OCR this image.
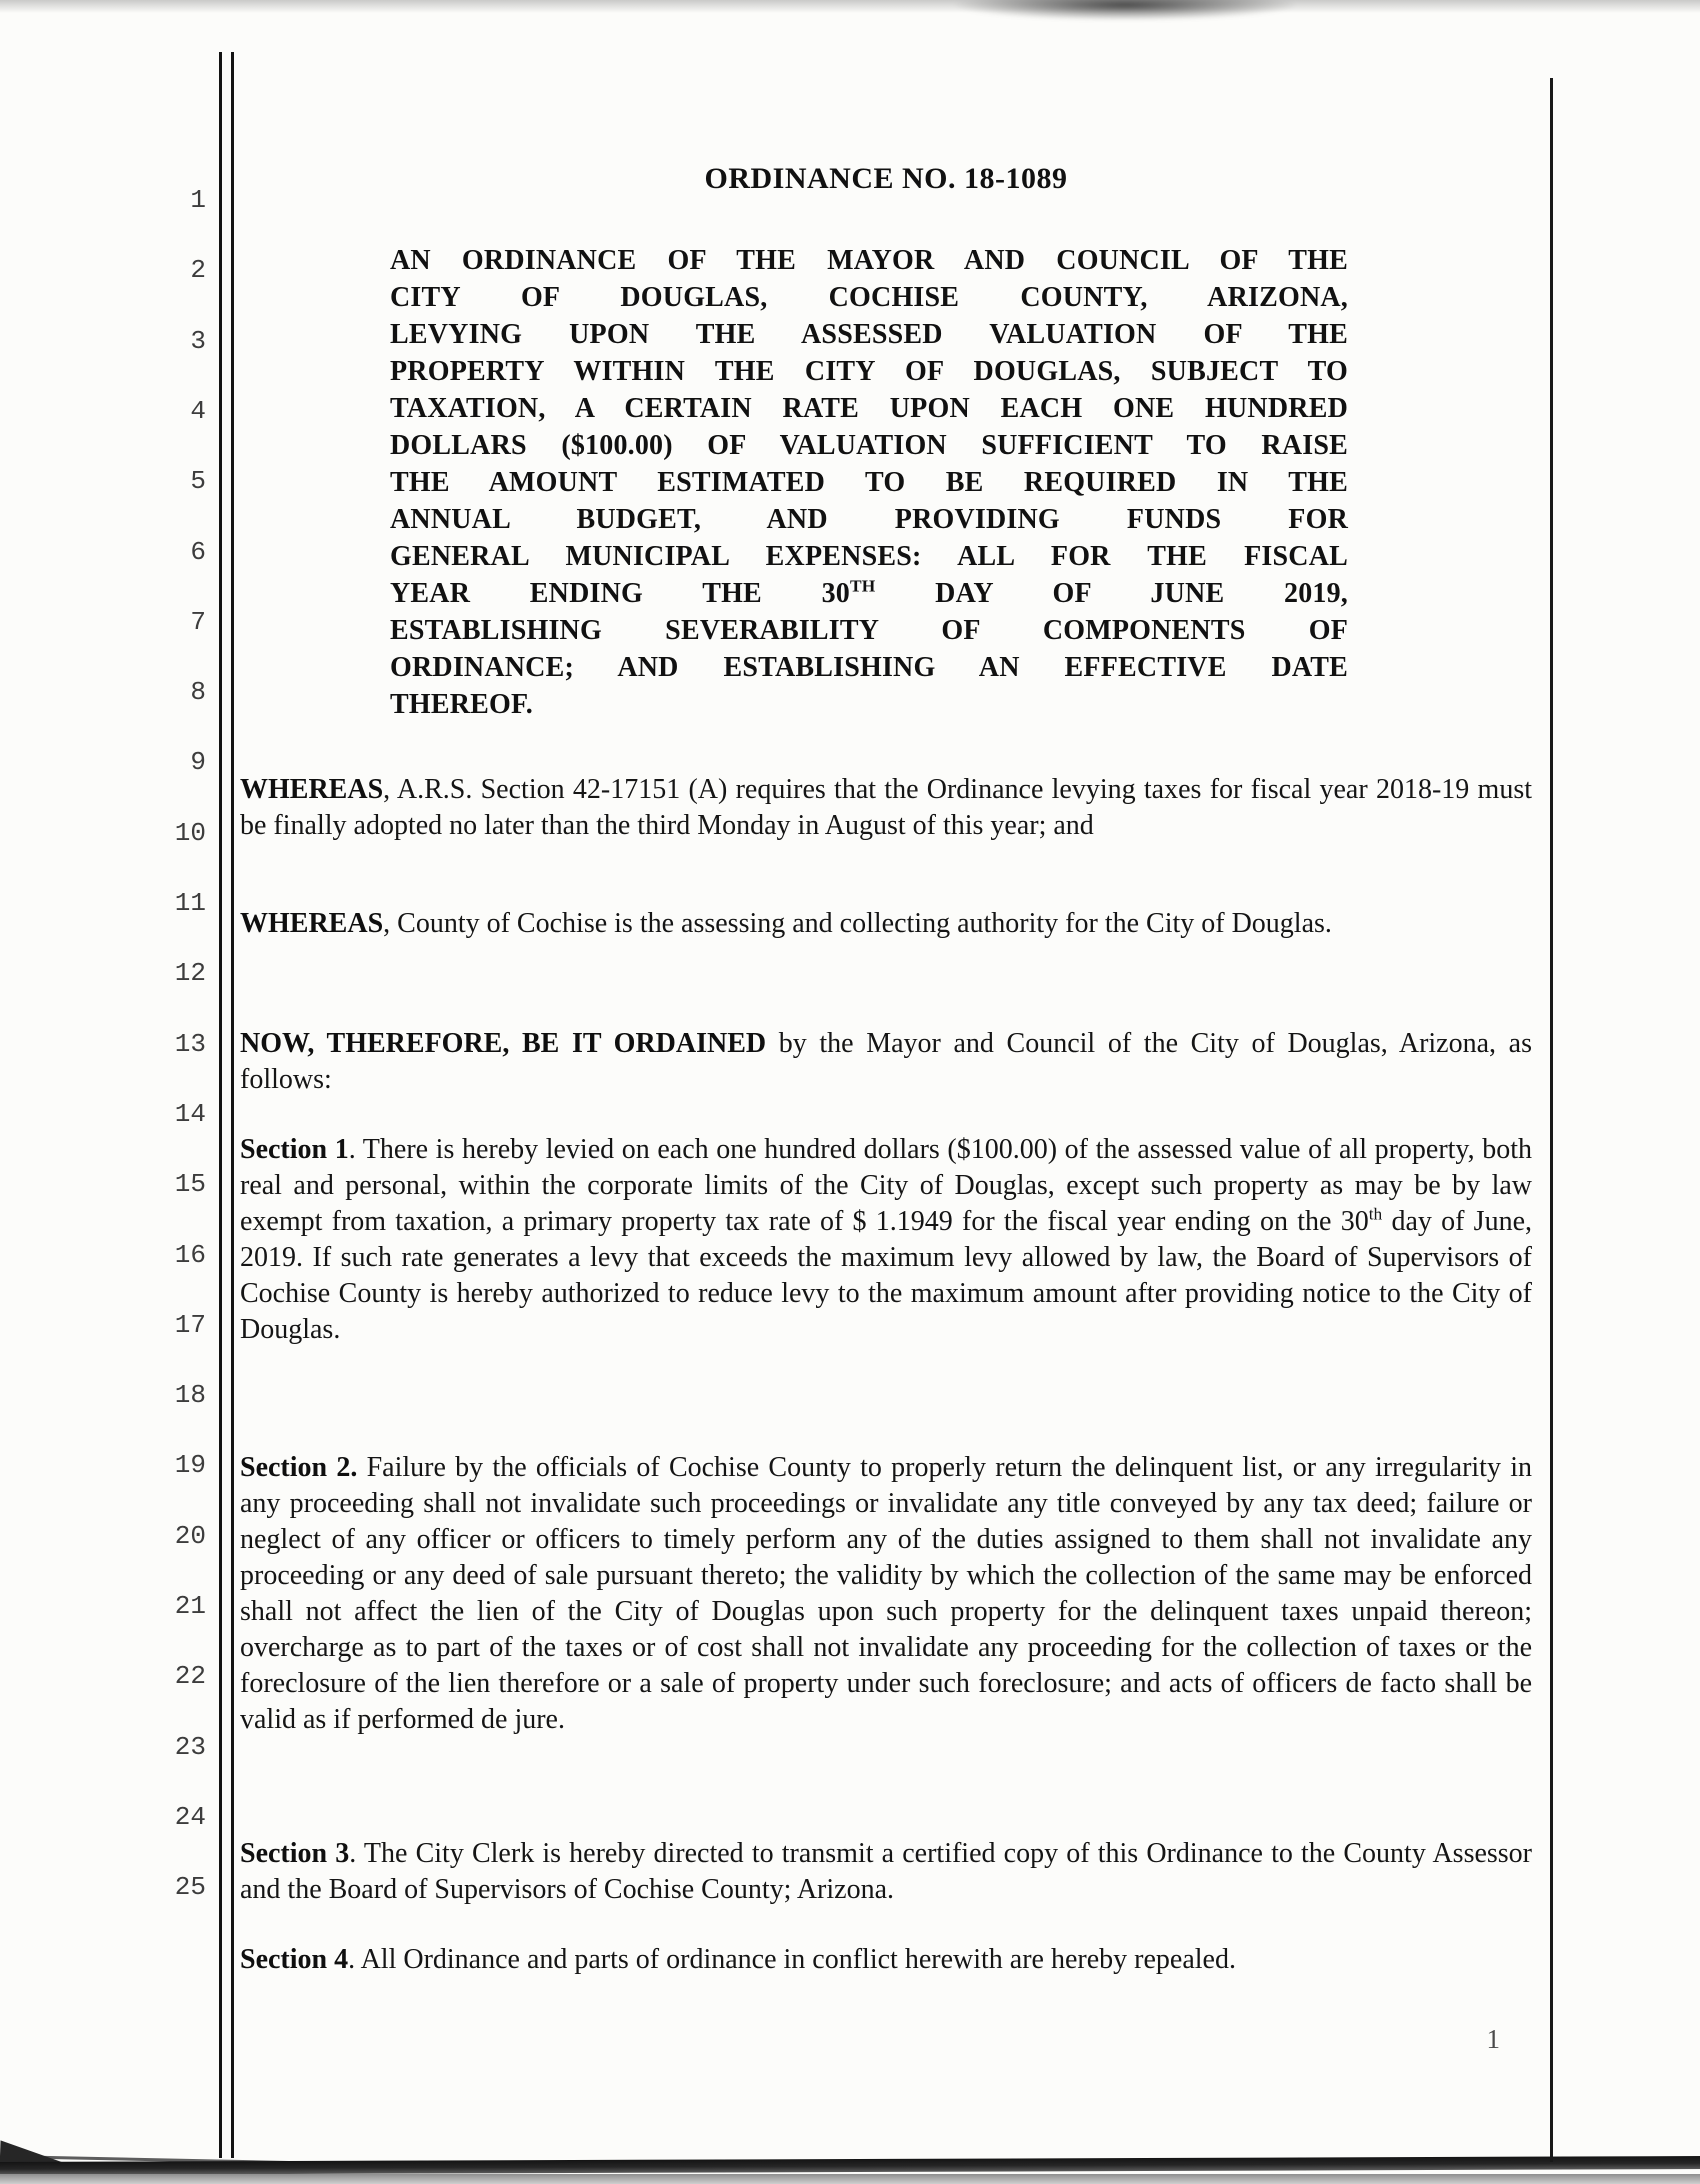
1
2
3
4
5
6
7
8
9
10
11
12
13
14
15
16
17
18
19
20
21
22
23
24
25
ORDINANCE NO. 18-1089
AN ORDINANCE OF THE MAYOR AND COUNCIL OF THE
CITY OF DOUGLAS, COCHISE COUNTY, ARIZONA,
LEVYING UPON THE ASSESSED VALUATION OF THE
PROPERTY WITHIN THE CITY OF DOUGLAS, SUBJECT TO
TAXATION, A CERTAIN RATE UPON EACH ONE HUNDRED
DOLLARS ($100.00) OF VALUATION SUFFICIENT TO RAISE
THE AMOUNT ESTIMATED TO BE REQUIRED IN THE
ANNUAL BUDGET, AND PROVIDING FUNDS FOR
GENERAL MUNICIPAL EXPENSES: ALL FOR THE FISCAL
YEAR ENDING THE 30TH DAY OF JUNE 2019,
ESTABLISHING SEVERABILITY OF COMPONENTS OF
ORDINANCE; AND ESTABLISHING AN EFFECTIVE DATE
THEREOF.

WHEREAS, A.R.S. Section 42-17151 (A) requires that the Ordinance levying taxes for fiscal year 2018-19 must be finally adopted no later than the third Monday in August of this year; and

WHEREAS, County of Cochise is the assessing and collecting authority for the City of Douglas.

NOW, THEREFORE, BE IT ORDAINED by the Mayor and Council of the City of Douglas, Arizona, as follows:

Section 1. There is hereby levied on each one hundred dollars ($100.00) of the assessed value of all property, both real and personal, within the corporate limits of the City of Douglas, except such property as may be by law exempt from taxation, a primary property tax rate of $ 1.1949 for the fiscal year ending on the 30th day of June, 2019. If such rate generates a levy that exceeds the maximum levy allowed by law, the Board of Supervisors of Cochise County is hereby authorized to reduce levy to the maximum amount after providing notice to the City of Douglas.

Section 2. Failure by the officials of Cochise County to properly return the delinquent list, or any irregularity in any proceeding shall not invalidate such proceedings or invalidate any title conveyed by any tax deed; failure or neglect of any officer or officers to timely perform any of the duties assigned to them shall not invalidate any proceeding or any deed of sale pursuant thereto; the validity by which the collection of the same may be enforced shall not affect the lien of the City of Douglas upon such property for the delinquent taxes unpaid thereon; overcharge as to part of the taxes or of cost shall not invalidate any proceeding for the collection of taxes or the foreclosure of the lien therefore or a sale of property under such foreclosure; and acts of officers de facto shall be valid as if performed de jure.

Section 3. The City Clerk is hereby directed to transmit a certified copy of this Ordinance to the County Assessor and the Board of Supervisors of Cochise County; Arizona.

Section 4. All Ordinance and parts of ordinance in conflict herewith are hereby repealed.

1
